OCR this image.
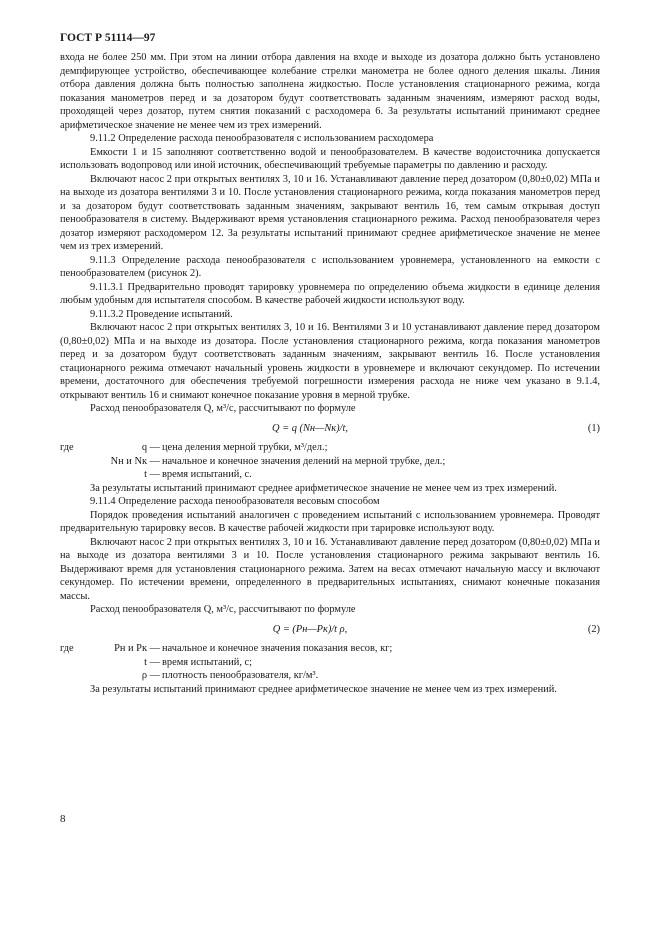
ГОСТ Р 51114—97

входа не более 250 мм. При этом на линии отбора давления на входе и выходе из дозатора должно быть установлено демпфирующее устройство, обеспечивающее колебание стрелки манометра не более одного деления шкалы. Линия отбора давления должна быть полностью заполнена жидкостью. После установления стационарного режима, когда показания манометров перед и за дозатором будут соответствовать заданным значениям, измеряют расход воды, проходящей через дозатор, путем снятия показаний с расходомера 6. За результаты испытаний принимают среднее арифметическое значение не менее чем из трех измерений.

9.11.2 Определение расхода пенообразователя с использованием расходомера

Емкости 1 и 15 заполняют соответственно водой и пенообразователем. В качестве водоисточника допускается использовать водопровод или иной источник, обеспечивающий требуемые параметры по давлению и расходу.

Включают насос 2 при открытых вентилях 3, 10 и 16. Устанавливают давление перед дозатором (0,80±0,02) МПа и на выходе из дозатора вентилями 3 и 10. После установления стационарного режима, когда показания манометров перед и за дозатором будут соответствовать заданным значениям, закрывают вентиль 16, тем самым открывая доступ пенообразователя в систему. Выдерживают время установления стационарного режима. Расход пенообразователя через дозатор измеряют расходомером 12. За результаты испытаний принимают среднее арифметическое значение не менее чем из трех измерений.

9.11.3 Определение расхода пенообразователя с использованием уровнемера, установленного на емкости с пенообразователем (рисунок 2).

9.11.3.1 Предварительно проводят тарировку уровнемера по определению объема жидкости в единице деления любым удобным для испытателя способом. В качестве рабочей жидкости используют воду.

9.11.3.2 Проведение испытаний.

Включают насос 2 при открытых вентилях 3, 10 и 16. Вентилями 3 и 10 устанавливают давление перед дозатором (0,80±0,02) МПа и на выходе из дозатора. После установления стационарного режима, когда показания манометров перед и за дозатором будут соответствовать заданным значениям, закрывают вентиль 16. После установления стационарного режима отмечают начальный уровень жидкости в уровнемере и включают секундомер. По истечении времени, достаточного для обеспечения требуемой погрешности измерения расхода не ниже чем указано в 9.1.4, открывают вентиль 16 и снимают конечное показание уровня в мерной трубке.

Расход пенообразователя Q, м³/с, рассчитывают по формуле

Q = q (Nн—Nк)/t,	(1)
где	q — цена деления мерной трубки, м³/дел.;
Nн и Nк — начальное и конечное значения делений на мерной трубке, дел.;
t — время испытаний, с.

За результаты испытаний принимают среднее арифметическое значение не менее чем из трех измерений.

9.11.4 Определение расхода пенообразователя весовым способом

Порядок проведения испытаний аналогичен с проведением испытаний с использованием уровнемера. Проводят предварительную тарировку весов. В качестве рабочей жидкости при тарировке используют воду.

Включают насос 2 при открытых вентилях 3, 10 и 16. Устанавливают давление перед дозатором (0,80±0,02) МПа и на выходе из дозатора вентилями 3 и 10. После установления стационарного режима закрывают вентиль 16. Выдерживают время для установления стационарного режима. Затем на весах отмечают начальную массу и включают секундомер. По истечении времени, определенного в предварительных испытаниях, снимают конечные показания массы.

Расход пенообразователя Q, м³/с, рассчитывают по формуле

Q = (Pн—Pк)/t ρ,	(2)
где	Pн и Pк — начальное и конечное значения показания весов, кг;
t — время испытаний, с;
ρ — плотность пенообразователя, кг/м³.

За результаты испытаний принимают среднее арифметическое значение не менее чем из трех измерений.

8
